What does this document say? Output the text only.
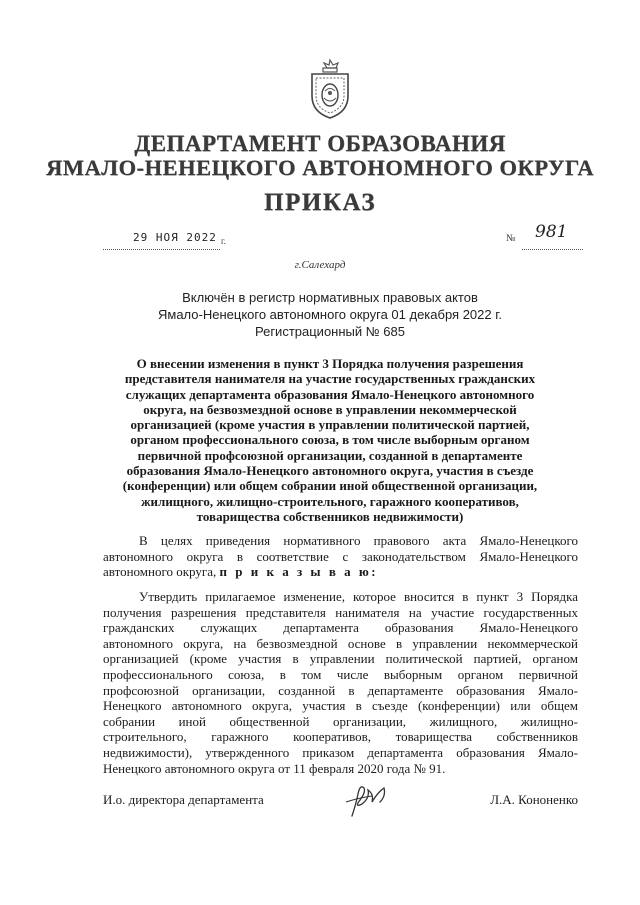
ДЕПАРТАМЕНТ ОБРАЗОВАНИЯ
ЯМАЛО-НЕНЕЦКОГО АВТОНОМНОГО ОКРУГА
ПРИКАЗ
29 НОЯ 2022 г.	№ 981
г.Салехард
Включён в регистр нормативных правовых актов
Ямало-Ненецкого автономного округа 01 декабря 2022 г.
Регистрационный № 685
О внесении изменения в пункт 3 Порядка получения разрешения
представителя нанимателя на участие государственных гражданских
служащих департамента образования Ямало-Ненецкого автономного
округа, на безвозмездной основе в управлении некоммерческой
организацией (кроме участия в управлении политической партией,
органом профессионального союза, в том числе выборным органом
первичной профсоюзной организации, созданной в департаменте
образования Ямало-Ненецкого автономного округа, участия в съезде
(конференции) или общем собрании иной общественной организации,
жилищного, жилищно-строительного, гаражного кооперативов,
товарищества собственников недвижимости)
В целях приведения нормативного правового акта Ямало-Ненецкого
автономного округа в соответствие с законодательством Ямало-Ненецкого
автономного округа, п р и к а з ы в а ю:
Утвердить прилагаемое изменение, которое вносится в пункт 3 Порядка
получения разрешения представителя нанимателя на участие государственных
гражданских служащих департамента образования Ямало-Ненецкого
автономного округа, на безвозмездной основе в управлении некоммерческой
организацией (кроме участия в управлении политической партией, органом
профессионального союза, в том числе выборным органом первичной
профсоюзной организации, созданной в департаменте образования Ямало-
Ненецкого автономного округа, участия в съезде (конференции) или общем
собрании иной общественной организации, жилищного, жилищно-
строительного, гаражного кооперативов, товарищества собственников
недвижимости), утвержденного приказом департамента образования Ямало-
Ненецкого автономного округа от 11 февраля 2020 года № 91.
И.о. директора департамента	Л.А. Кононенко
